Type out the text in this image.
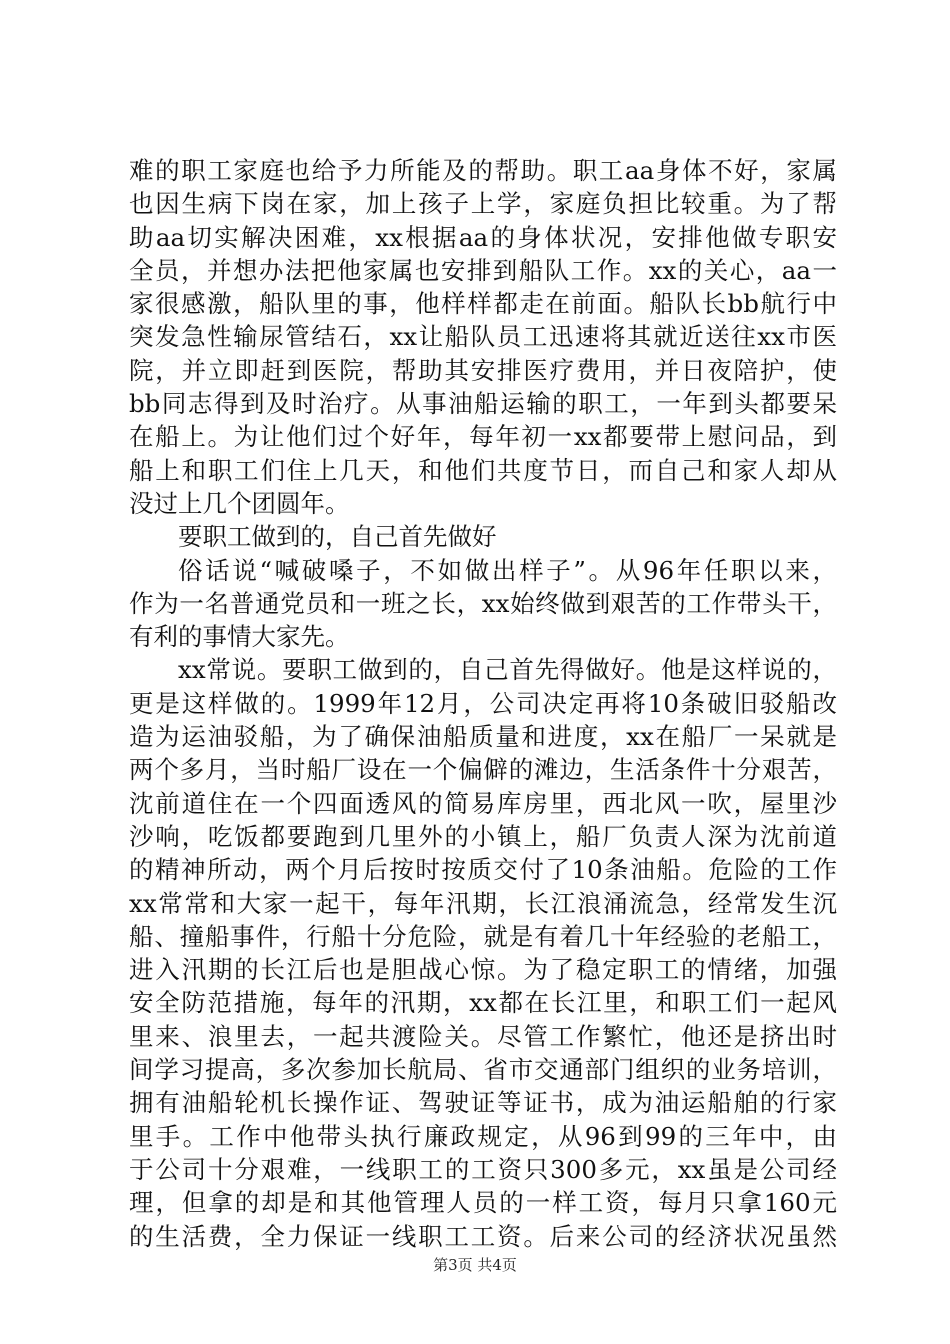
难的职工家庭也给予力所能及的帮助。职工aa身体不好，家属
也因生病下岗在家，加上孩子上学，家庭负担比较重。为了帮
助aa切实解决困难，xx根据aa的身体状况，安排他做专职安
全员，并想办法把他家属也安排到船队工作。xx的关心，aa一
家很感激，船队里的事，他样样都走在前面。船队长bb航行中
突发急性输尿管结石，xx让船队员工迅速将其就近送往xx市医
院，并立即赶到医院，帮助其安排医疗费用，并日夜陪护，使
bb同志得到及时治疗。从事油船运输的职工，一年到头都要呆
在船上。为让他们过个好年，每年初一xx都要带上慰问品，到
船上和职工们住上几天，和他们共度节日，而自己和家人却从
没过上几个团圆年。
要职工做到的，自己首先做好
俗话说“喊破嗓子，不如做出样子”。从96年任职以来，
作为一名普通党员和一班之长，xx始终做到艰苦的工作带头干，
有利的事情大家先。
xx常说。要职工做到的，自己首先得做好。他是这样说的，
更是这样做的。1999年12月，公司决定再将10条破旧驳船改
造为运油驳船，为了确保油船质量和进度，xx在船厂一呆就是
两个多月，当时船厂设在一个偏僻的滩边，生活条件十分艰苦，
沈前道住在一个四面透风的简易库房里，西北风一吹，屋里沙
沙响，吃饭都要跑到几里外的小镇上，船厂负责人深为沈前道
的精神所动，两个月后按时按质交付了10条油船。危险的工作
xx常常和大家一起干，每年汛期，长江浪涌流急，经常发生沉
船、撞船事件，行船十分危险，就是有着几十年经验的老船工，
进入汛期的长江后也是胆战心惊。为了稳定职工的情绪，加强
安全防范措施，每年的汛期，xx都在长江里，和职工们一起风
里来、浪里去，一起共渡险关。尽管工作繁忙，他还是挤出时
间学习提高，多次参加长航局、省市交通部门组织的业务培训，
拥有油船轮机长操作证、驾驶证等证书，成为油运船舶的行家
里手。工作中他带头执行廉政规定，从96到99的三年中，由
于公司十分艰难，一线职工的工资只300多元，xx虽是公司经
理，但拿的却是和其他管理人员的一样工资，每月只拿160元
的生活费，全力保证一线职工工资。后来公司的经济状况虽然
第3页 共4页
